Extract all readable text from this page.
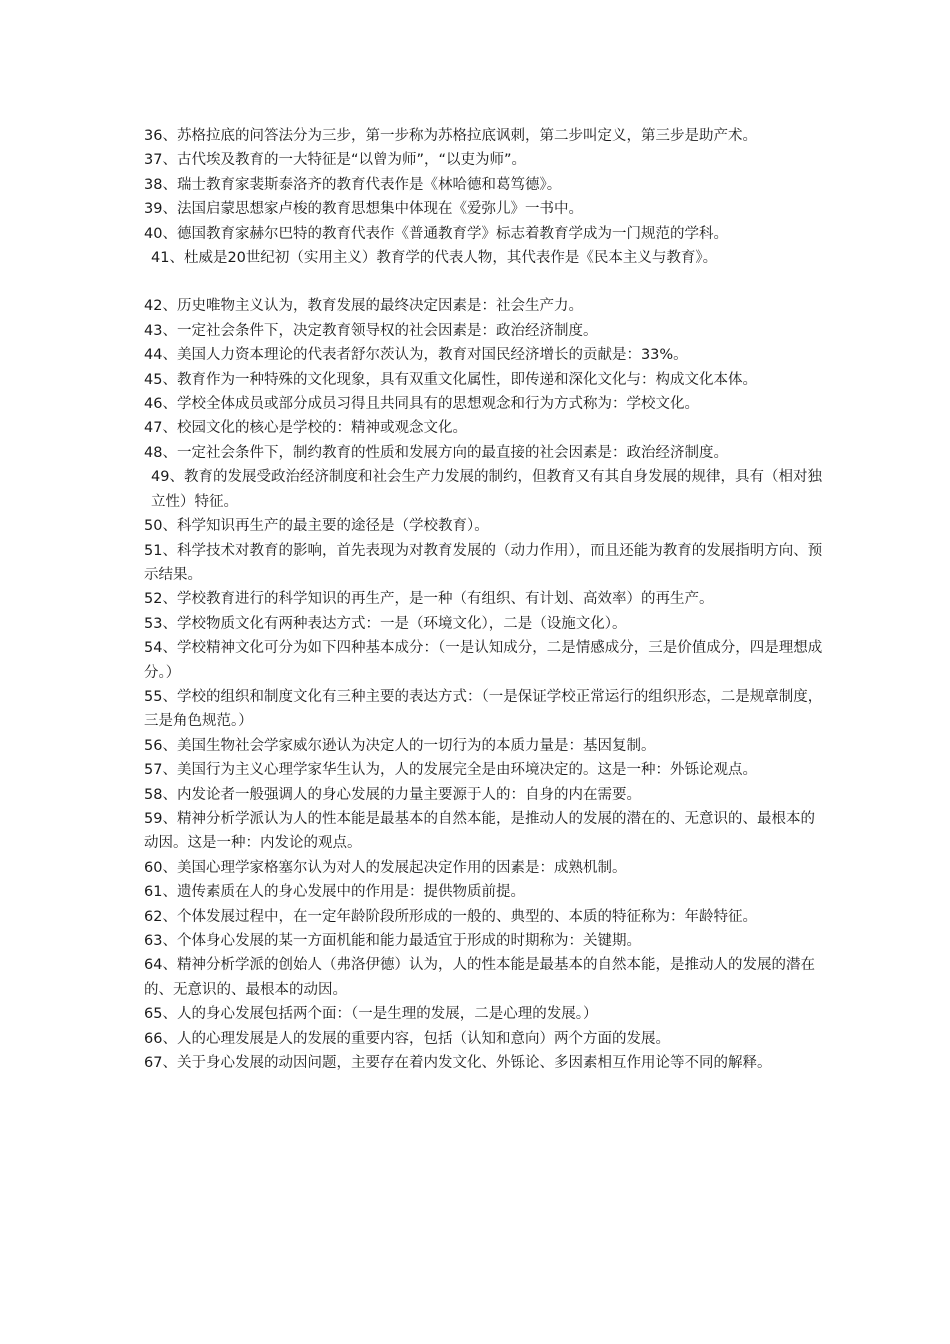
36、苏格拉底的问答法分为三步，第一步称为苏格拉底讽刺，第二步叫定义，第三步是助产术。

37、古代埃及教育的一大特征是“以曾为师”，“以吏为师”。

38、瑞士教育家裴斯泰洛齐的教育代表作是《林哈德和葛笃德》。

39、法国启蒙思想家卢梭的教育思想集中体现在《爱弥儿》一书中。

40、德国教育家赫尔巴特的教育代表作《普通教育学》标志着教育学成为一门规范的学科。

41、杜威是20世纪初（实用主义）教育学的代表人物，其代表作是《民本主义与教育》。

42、历史唯物主义认为，教育发展的最终决定因素是：社会生产力。

43、一定社会条件下，决定教育领导权的社会因素是：政治经济制度。

44、美国人力资本理论的代表者舒尔茨认为，教育对国民经济增长的贡献是：33%。

45、教育作为一种特殊的文化现象，具有双重文化属性，即传递和深化文化与：构成文化本体。

46、学校全体成员或部分成员习得且共同具有的思想观念和行为方式称为：学校文化。

47、校园文化的核心是学校的：精神或观念文化。

48、一定社会条件下，制约教育的性质和发展方向的最直接的社会因素是：政治经济制度。

49、教育的发展受政治经济制度和社会生产力发展的制约，但教育又有其自身发展的规律，具有（相对独立性）特征。

50、科学知识再生产的最主要的途径是（学校教育）。

51、科学技术对教育的影响，首先表现为对教育发展的（动力作用），而且还能为教育的发展指明方向、预示结果。

52、学校教育进行的科学知识的再生产，是一种（有组织、有计划、高效率）的再生产。

53、学校物质文化有两种表达方式：一是（环境文化），二是（设施文化）。

54、学校精神文化可分为如下四种基本成分：（一是认知成分，二是情感成分，三是价值成分，四是理想成分。）

55、学校的组织和制度文化有三种主要的表达方式：（一是保证学校正常运行的组织形态，二是规章制度，三是角色规范。）

56、美国生物社会学家威尔逊认为决定人的一切行为的本质力量是：基因复制。

57、美国行为主义心理学家华生认为，人的发展完全是由环境决定的。这是一种：外铄论观点。

58、内发论者一般强调人的身心发展的力量主要源于人的：自身的内在需要。

59、精神分析学派认为人的性本能是最基本的自然本能，是推动人的发展的潜在的、无意识的、最根本的动因。这是一种：内发论的观点。

60、美国心理学家格塞尔认为对人的发展起决定作用的因素是：成熟机制。

61、遗传素质在人的身心发展中的作用是：提供物质前提。

62、个体发展过程中，在一定年龄阶段所形成的一般的、典型的、本质的特征称为：年龄特征。

63、个体身心发展的某一方面机能和能力最适宜于形成的时期称为：关键期。

64、精神分析学派的创始人（弗洛伊德）认为，人的性本能是最基本的自然本能，是推动人的发展的潜在的、无意识的、最根本的动因。

65、人的身心发展包括两个面：（一是生理的发展，二是心理的发展。）

66、人的心理发展是人的发展的重要内容，包括（认知和意向）两个方面的发展。

67、关于身心发展的动因问题，主要存在着内发文化、外铄论、多因素相互作用论等不同的解释。
